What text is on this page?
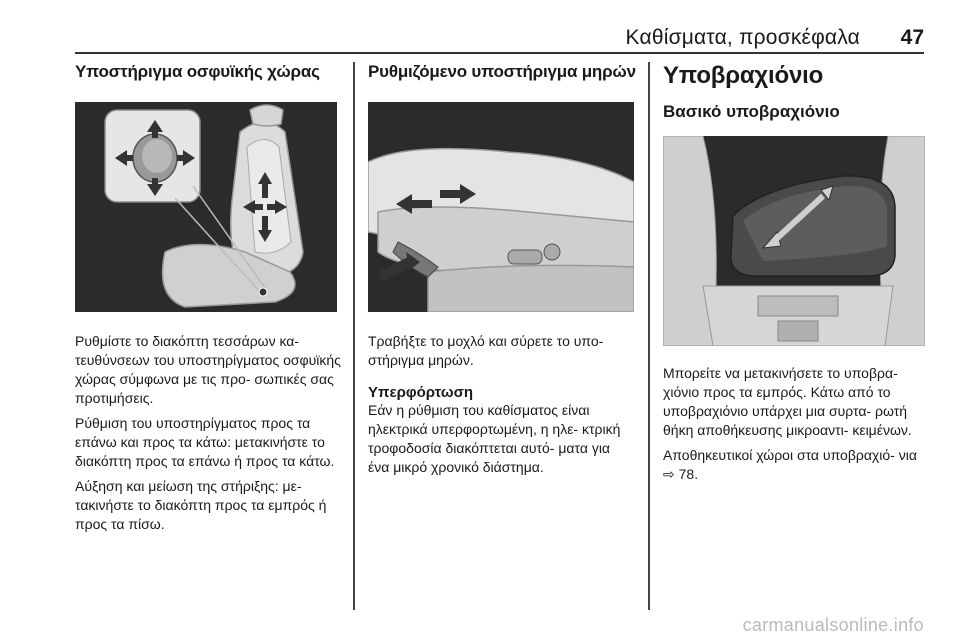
Καθίσματα, προσκέφαλα 47
Υποστήριγμα οσφυϊκής χώρας

Ρυθμίστε το διακόπτη τεσσάρων κα- τευθύνσεων του υποστηρίγματος οσφυϊκής χώρας σύμφωνα με τις προ- σωπικές σας προτιμήσεις.

Ρύθμιση του υποστηρίγματος προς τα επάνω και προς τα κάτω: μετακινήστε το διακόπτη προς τα επάνω ή προς τα κάτω.

Αύξηση και μείωση της στήριξης: με- τακινήστε το διακόπτη προς τα εμπρός ή προς τα πίσω.

Ρυθμιζόμενο υποστήριγμα μηρών

Τραβήξτε το μοχλό και σύρετε το υπο- στήριγμα μηρών.

Υπερφόρτωση

Εάν η ρύθμιση του καθίσματος είναι ηλεκτρικά υπερφορτωμένη, η ηλε- κτρική τροφοδοσία διακόπτεται αυτό- ματα για ένα μικρό χρονικό διάστημα.

Υποβραχιόνιο
Βασικό υποβραχιόνιο

Μπορείτε να μετακινήσετε το υποβρα- χιόνιο προς τα εμπρός. Κάτω από το υποβραχιόνιο υπάρχει μια συρτα- ρωτή θήκη αποθήκευσης μικροαντι- κειμένων.

Αποθηκευτικοί χώροι στα υποβραχιό- νια ⇨ 78.

carmanualsonline.info
